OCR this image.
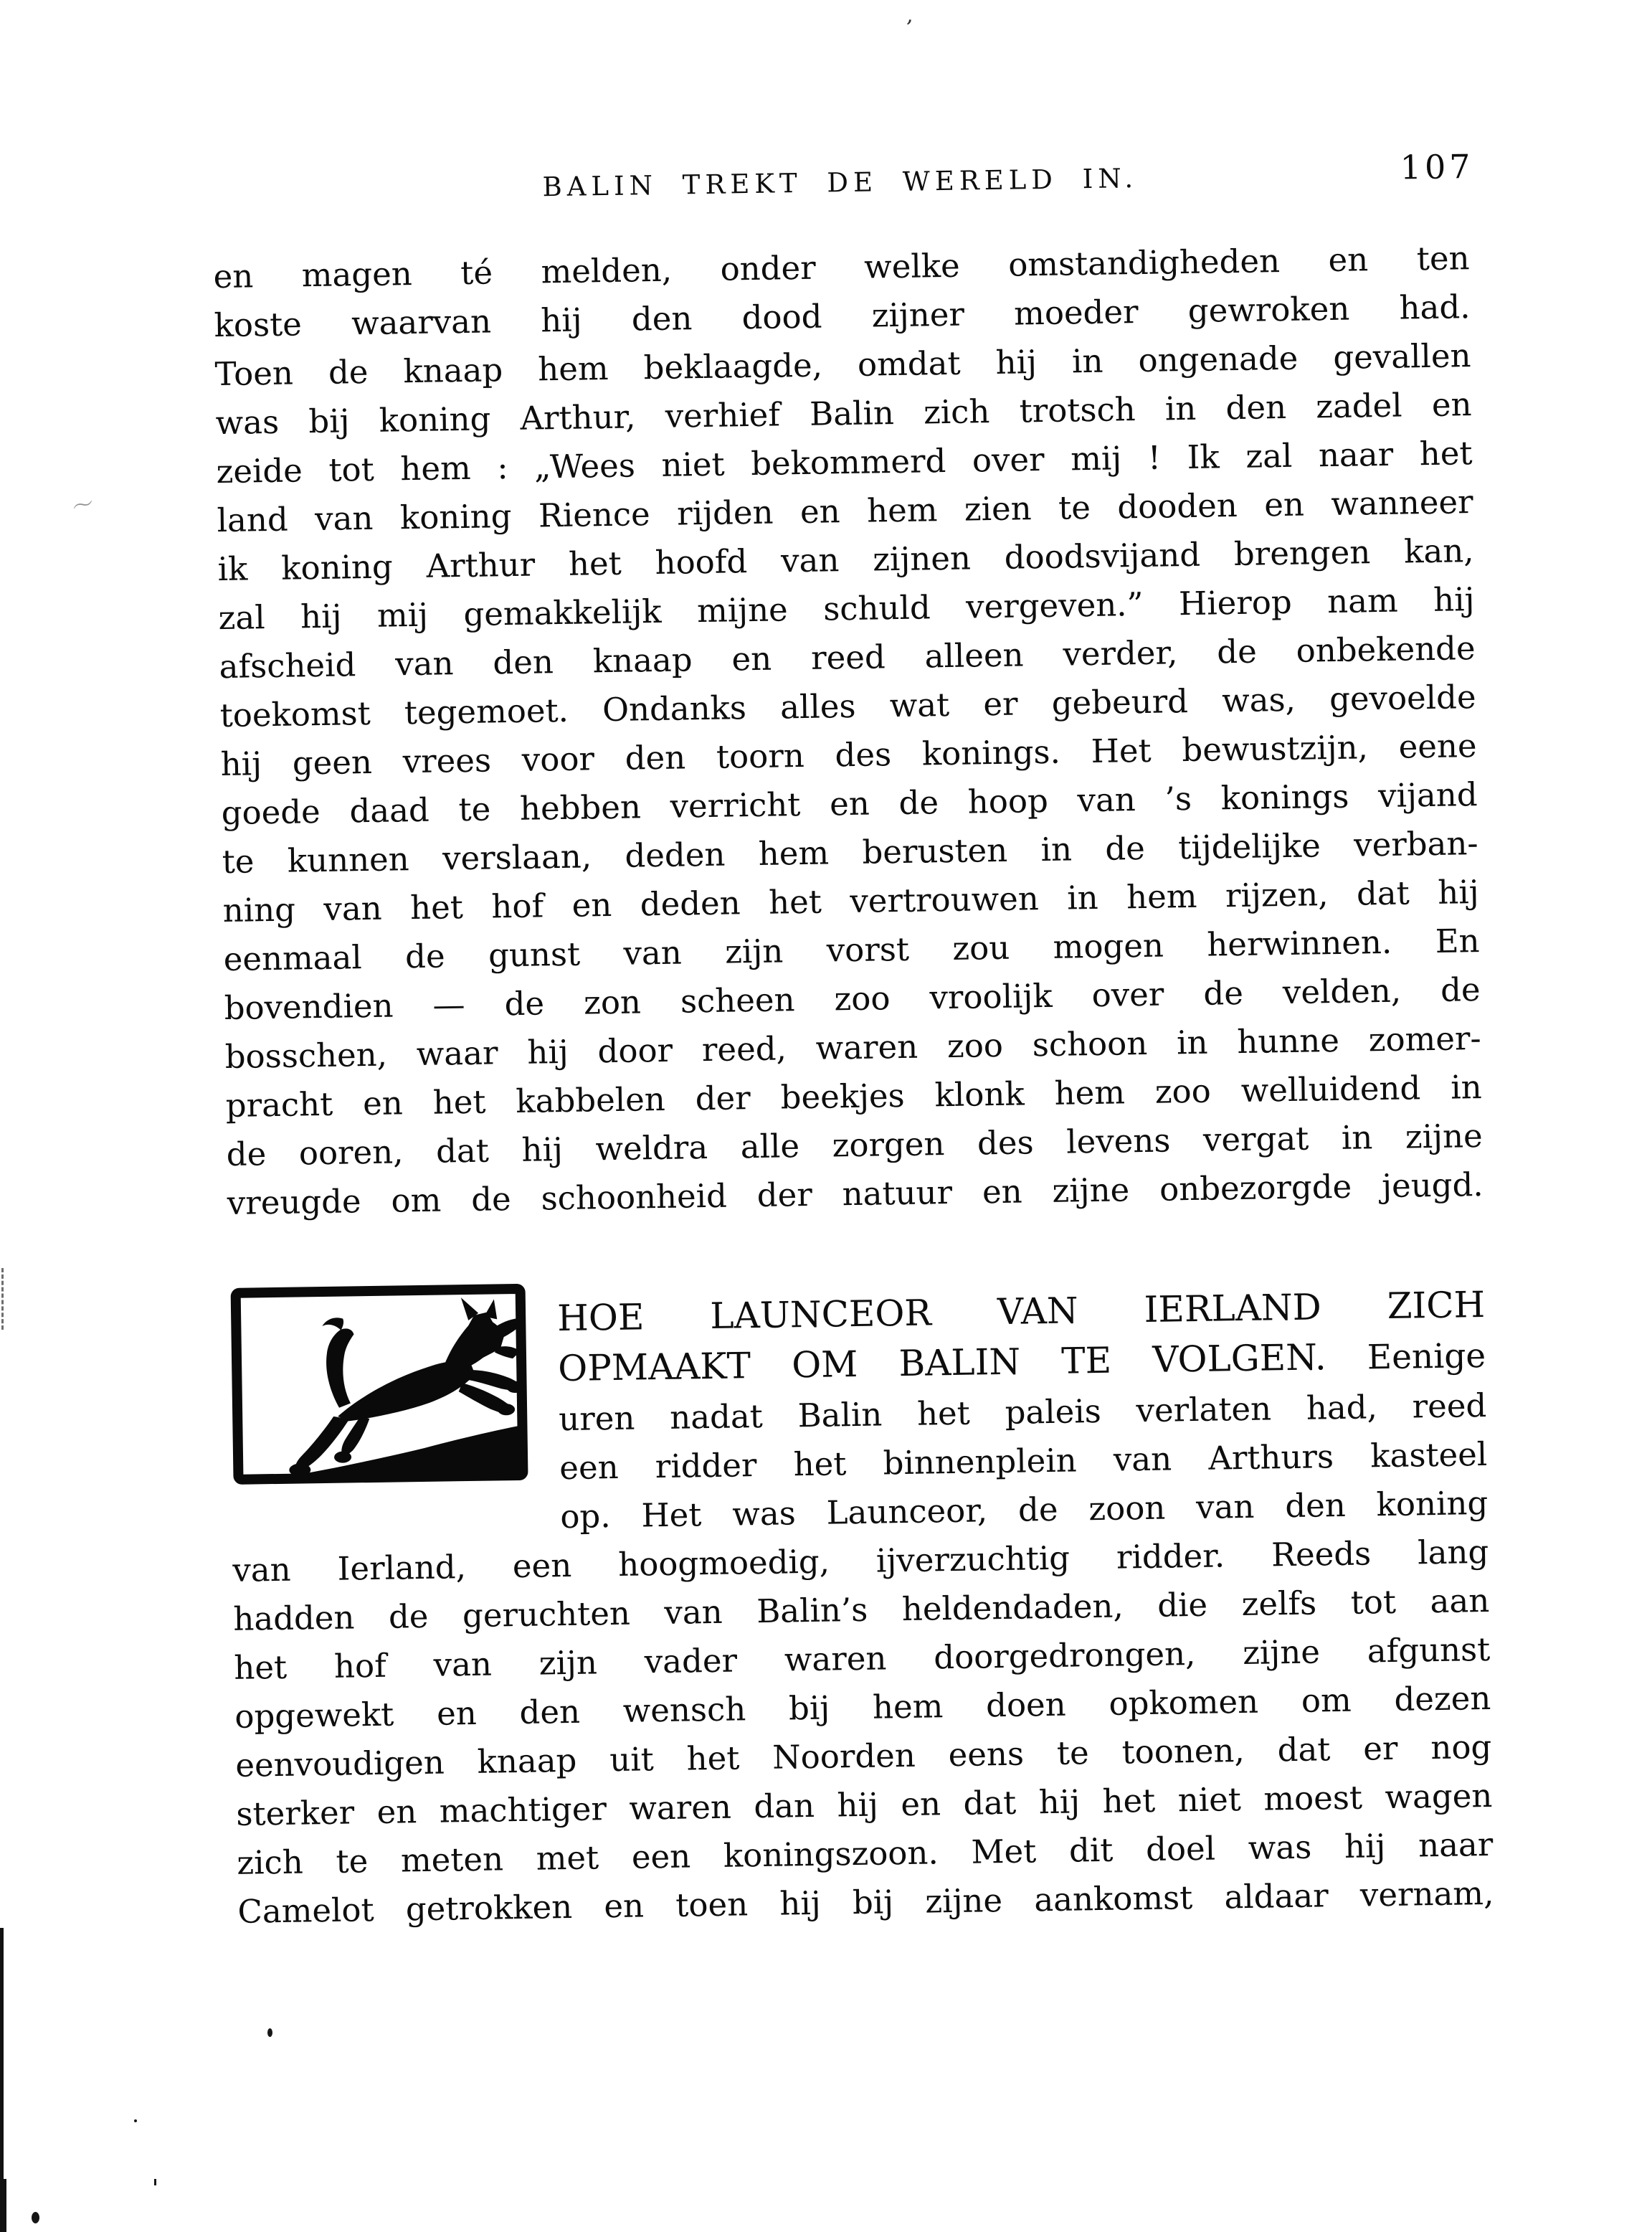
BALIN TREKT DE WERELD IN.	107
en magen té melden, onder welke omstandigheden en ten
koste waarvan hij den dood zijner moeder gewroken had.
Toen de knaap hem beklaagde, omdat hij in ongenade gevallen
was bij koning Arthur, verhief Balin zich trotsch in den zadel en
zeide tot hem : „Wees niet bekommerd over mij ! Ik zal naar het
land van koning Rience rijden en hem zien te dooden en wanneer
ik koning Arthur het hoofd van zijnen doodsvijand brengen kan,
zal hij mij gemakkelijk mijne schuld vergeven.” Hierop nam hij
afscheid van den knaap en reed alleen verder, de onbekende
toekomst tegemoet. Ondanks alles wat er gebeurd was, gevoelde
hij geen vrees voor den toorn des konings. Het bewustzijn, eene
goede daad te hebben verricht en de hoop van ’s konings vijand
te kunnen verslaan, deden hem berusten in de tijdelijke verban-
ning van het hof en deden het vertrouwen in hem rijzen, dat hij
eenmaal de gunst van zijn vorst zou mogen herwinnen. En
bovendien — de zon scheen zoo vroolijk over de velden, de
bosschen, waar hij door reed, waren zoo schoon in hunne zomer-
pracht en het kabbelen der beekjes klonk hem zoo welluidend in
de ooren, dat hij weldra alle zorgen des levens vergat in zijne
vreugde om de schoonheid der natuur en zijne onbezorgde jeugd.
HOE LAUNCEOR VAN IERLAND ZICH
OPMAAKT OM BALIN TE VOLGEN. Eenige
uren nadat Balin het paleis verlaten had, reed
een ridder het binnenplein van Arthurs kasteel
op. Het was Launceor, de zoon van den koning
van Ierland, een hoogmoedig, ijverzuchtig ridder. Reeds lang
hadden de geruchten van Balin’s heldendaden, die zelfs tot aan
het hof van zijn vader waren doorgedrongen, zijne afgunst
opgewekt en den wensch bij hem doen opkomen om dezen
eenvoudigen knaap uit het Noorden eens te toonen, dat er nog
sterker en machtiger waren dan hij en dat hij het niet moest wagen
zich te meten met een koningszoon. Met dit doel was hij naar
Camelot getrokken en toen hij bij zijne aankomst aldaar vernam,
’
〜
